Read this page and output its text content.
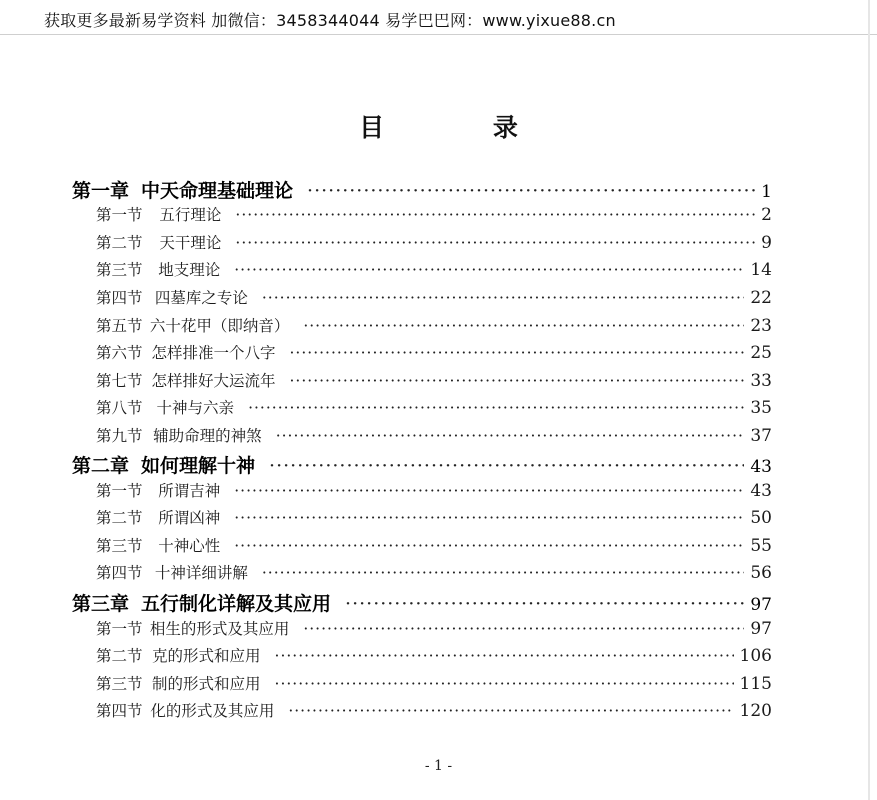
获取更多最新易学资料 加微信：3458344044 易学巴巴网：www.yixue88.cn
目 录
第一章 中天命理基础理论 ·····	1
第一节	五行理论 ·····	2
第二节	天干理论 ·····	9
第三节	地支理论 ·····	14
第四节 四墓库之专论 ·····	22
第五节 六十花甲（即纳音） ·····	23
第六节 怎样排准一个八字 ·····	25
第七节 怎样排好大运流年 ·····	33
第八节 十神与六亲 ·····	35
第九节 辅助命理的神煞 ·····	37
第二章 如何理解十神 ·····	43
第一节	所谓吉神 ·····	43
第二节	所谓凶神 ·····	50
第三节	十神心性 ·····	55
第四节 十神详细讲解 ·····	56
第三章 五行制化详解及其应用 ·····	97
第一节 相生的形式及其应用 ·····	97
第二节 克的形式和应用 ·····	106
第三节 制的形式和应用 ·····	115
第四节 化的形式及其应用 ·····	120
- 1 -
